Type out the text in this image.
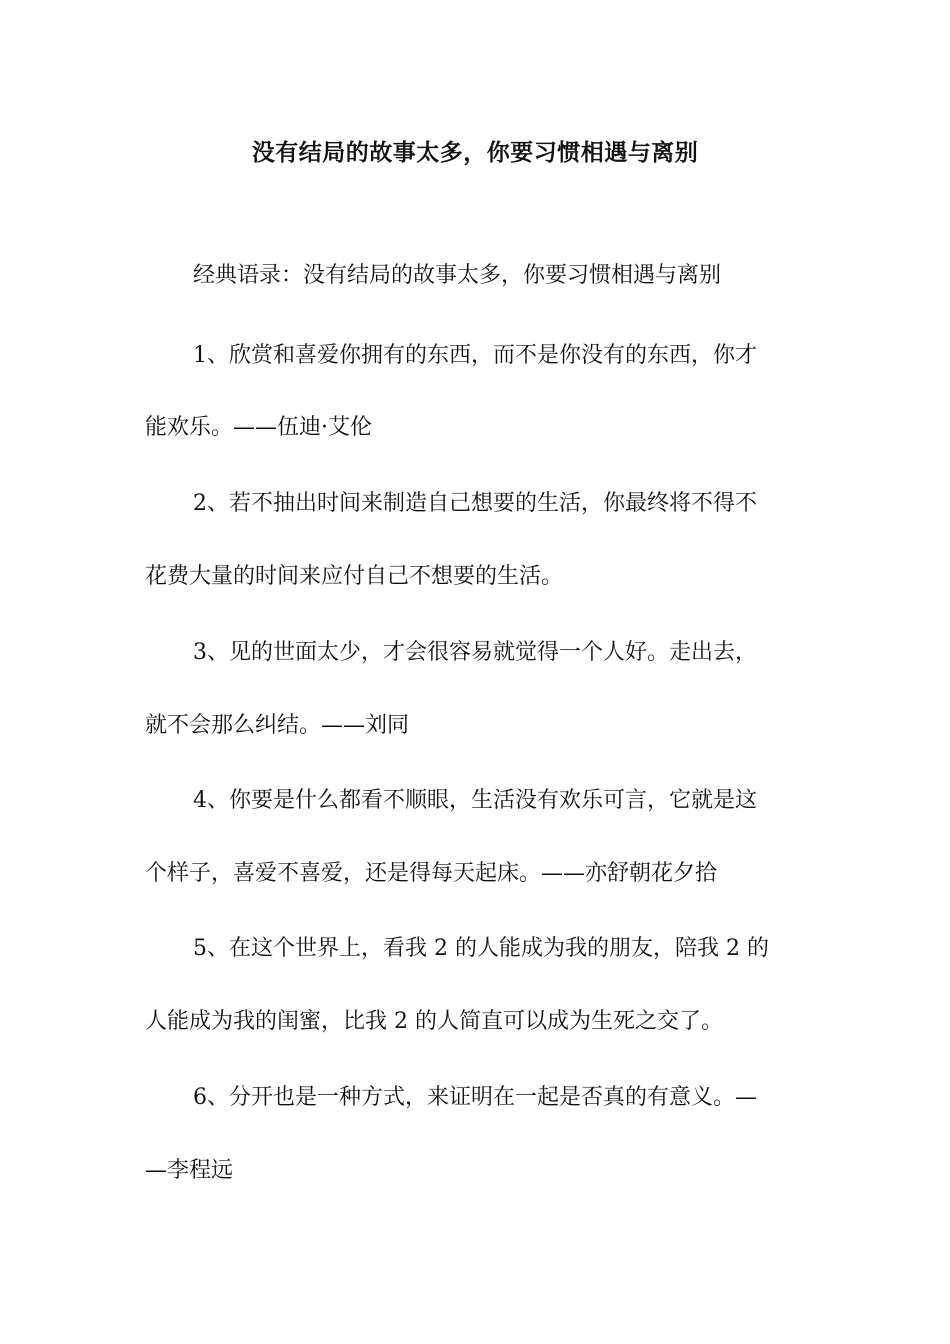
没有结局的故事太多，你要习惯相遇与离别
经典语录：没有结局的故事太多，你要习惯相遇与离别
1、欣赏和喜爱你拥有的东西，而不是你没有的东西，你才
能欢乐。——伍迪·艾伦
2、若不抽出时间来制造自己想要的生活，你最终将不得不
花费大量的时间来应付自己不想要的生活。
3、见的世面太少，才会很容易就觉得一个人好。走出去，
就不会那么纠结。——刘同
4、你要是什么都看不顺眼，生活没有欢乐可言，它就是这
个样子，喜爱不喜爱，还是得每天起床。——亦舒朝花夕拾
5、在这个世界上，看我 2 的人能成为我的朋友，陪我 2 的
人能成为我的闺蜜，比我 2 的人简直可以成为生死之交了。
6、分开也是一种方式，来证明在一起是否真的有意义。—
—李程远
